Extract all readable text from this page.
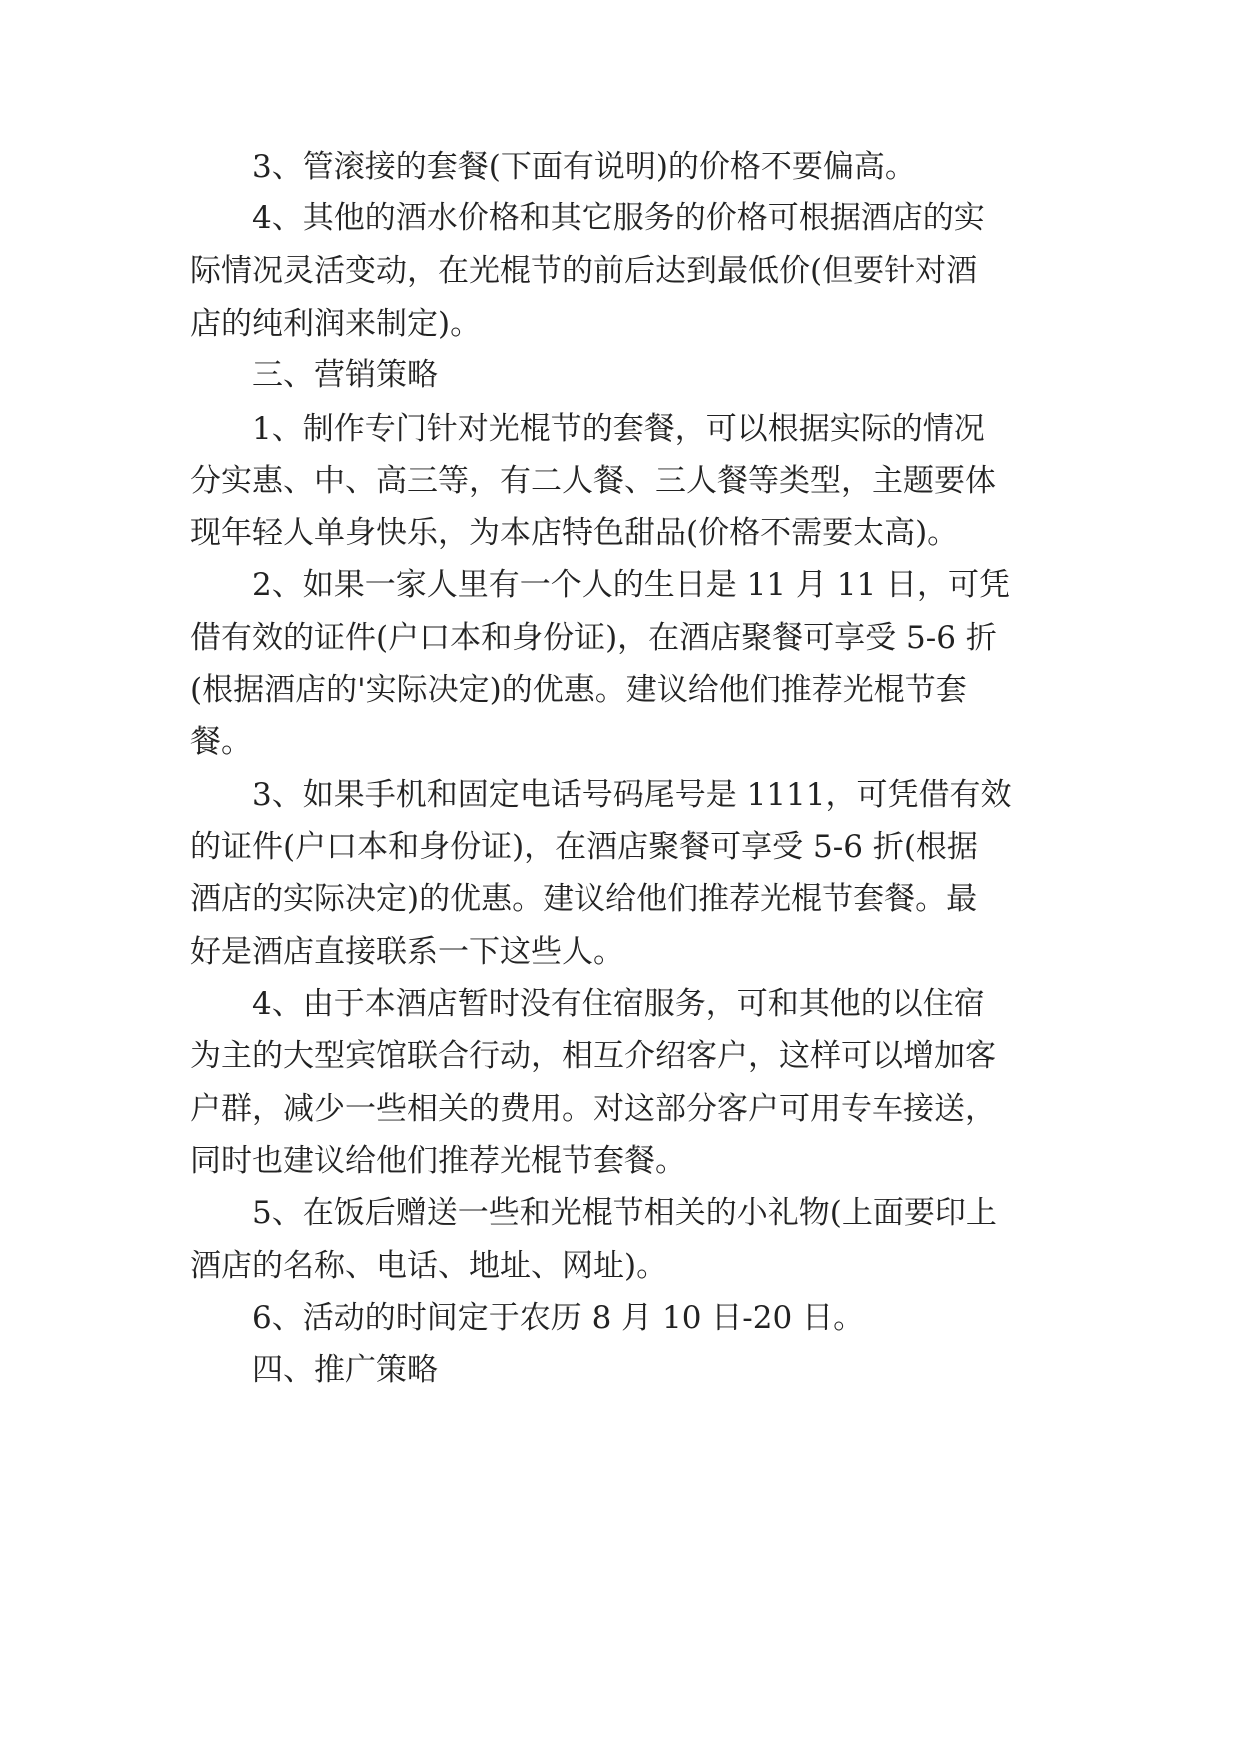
3、管滚接的套餐(下面有说明)的价格不要偏高。

4、其他的酒水价格和其它服务的价格可根据酒店的实

际情况灵活变动，在光棍节的前后达到最低价(但要针对酒

店的纯利润来制定)。

三、营销策略

1、制作专门针对光棍节的套餐，可以根据实际的情况

分实惠、中、高三等，有二人餐、三人餐等类型，主题要体

现年轻人单身快乐，为本店特色甜品(价格不需要太高)。

2、如果一家人里有一个人的生日是 11 月 11 日，可凭

借有效的证件(户口本和身份证)，在酒店聚餐可享受 5-6 折

(根据酒店的'实际决定)的优惠。建议给他们推荐光棍节套

餐。

3、如果手机和固定电话号码尾号是 1111，可凭借有效

的证件(户口本和身份证)，在酒店聚餐可享受 5-6 折(根据

酒店的实际决定)的优惠。建议给他们推荐光棍节套餐。最

好是酒店直接联系一下这些人。

4、由于本酒店暂时没有住宿服务，可和其他的以住宿

为主的大型宾馆联合行动，相互介绍客户，这样可以增加客

户群，减少一些相关的费用。对这部分客户可用专车接送，

同时也建议给他们推荐光棍节套餐。

5、在饭后赠送一些和光棍节相关的小礼物(上面要印上

酒店的名称、电话、地址、网址)。

6、活动的时间定于农历 8 月 10 日-20 日。

四、推广策略
